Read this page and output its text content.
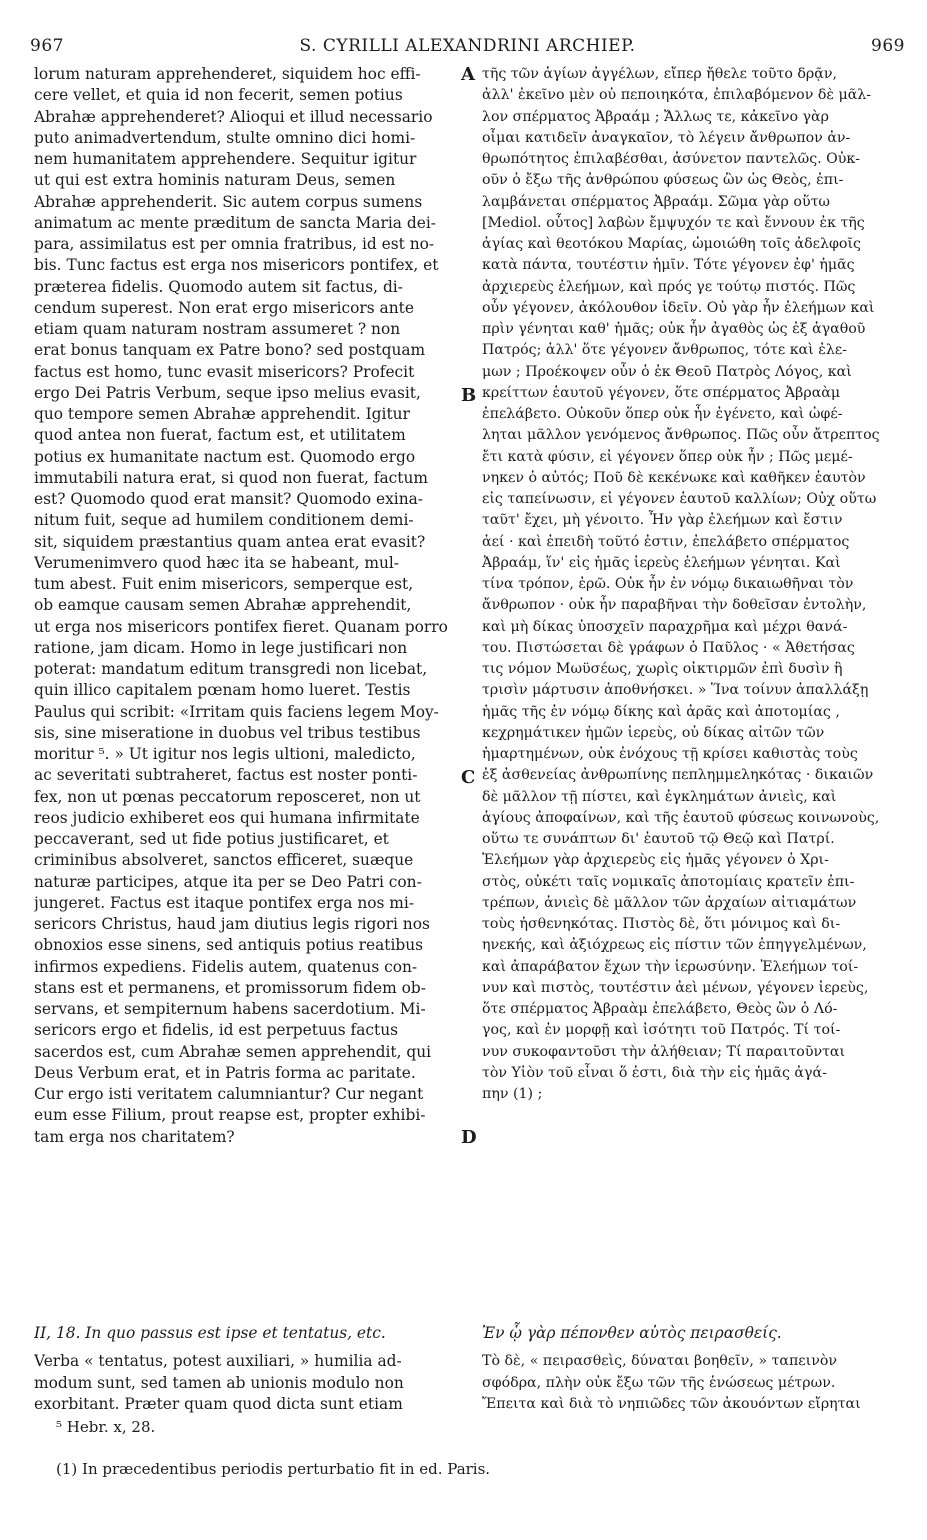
967	S. CYRILLI ALEXANDRINI ARCHIEP.	969
lorum naturam apprehenderet, siquidem hoc effi-
cere vellet, et quia id non fecerit, semen potius
Abrahæ apprehenderet? Alioqui et illud necessario
puto animadvertendum, stulte omnino dici homi-
nem humanitatem apprehendere. Sequitur igitur
ut qui est extra hominis naturam Deus, semen
Abrahæ apprehenderit. Sic autem corpus sumens
animatum ac mente præditum de sancta Maria dei-
para, assimilatus est per omnia fratribus, id est no-
bis. Tunc factus est erga nos misericors pontifex, et
præterea fidelis. Quomodo autem sit factus, di-
cendum superest. Non erat ergo misericors ante
etiam quam naturam nostram assumeret ? non
erat bonus tanquam ex Patre bono? sed postquam
factus est homo, tunc evasit misericors? Profecit
ergo Dei Patris Verbum, seque ipso melius evasit,
quo tempore semen Abrahæ apprehendit. Igitur
quod antea non fuerat, factum est, et utilitatem
potius ex humanitate nactum est. Quomodo ergo
immutabili natura erat, si quod non fuerat, factum
est? Quomodo quod erat mansit? Quomodo exina-
nitum fuit, seque ad humilem conditionem demi-
sit, siquidem præstantius quam antea erat evasit?
Verumenimvero quod hæc ita se habeant, mul-
tum abest. Fuit enim misericors, semperque est,
ob eamque causam semen Abrahæ apprehendit,
ut erga nos misericors pontifex fieret. Quanam porro
ratione, jam dicam. Homo in lege justificari non
poterat: mandatum editum transgredi non licebat,
quin illico capitalem pœnam homo lueret. Testis
Paulus qui scribit: «Irritam quis faciens legem Moy-
sis, sine miseratione in duobus vel tribus testibus
moritur ⁵. » Ut igitur nos legis ultioni, maledicto,
ac severitati subtraheret, factus est noster ponti-
fex, non ut pœnas peccatorum reposceret, non ut
reos judicio exhiberet eos qui humana infirmitate
peccaverant, sed ut fide potius justificaret, et
criminibus absolveret, sanctos efficeret, suæque
naturæ participes, atque ita per se Deo Patri con-
jungeret. Factus est itaque pontifex erga nos mi-
sericors Christus, haud jam diutius legis rigori nos
obnoxios esse sinens, sed antiquis potius reatibus
infirmos expediens. Fidelis autem, quatenus con-
stans est et permanens, et promissorum fidem ob-
servans, et sempiternum habens sacerdotium. Mi-
sericors ergo et fidelis, id est perpetuus factus
sacerdos est, cum Abrahæ semen apprehendit, qui
Deus Verbum erat, et in Patris forma ac paritate.
Cur ergo isti veritatem calumniantur? Cur negant
eum esse Filium, prout reapse est, propter exhibi-
tam erga nos charitatem?
τῆς τῶν ἁγίων ἀγγέλων, εἴπερ ἤθελε τοῦτο δρᾷν,
ἀλλ' ἐκεῖνο μὲν οὐ πεποιηκότα, ἐπιλαβόμενον δὲ μᾶλ-
λον σπέρματος Ἀβραάμ ; Ἄλλως τε, κἀκεῖνο γὰρ
οἶμαι κατιδεῖν ἀναγκαῖον, τὸ λέγειν ἄνθρωπον ἀν-
θρωπότητος ἐπιλαβέσθαι, ἀσύνετον παντελῶς. Οὐκ-
οῦν ὁ ἔξω τῆς ἀνθρώπου φύσεως ὢν ὡς Θεὸς, ἐπι-
λαμβάνεται σπέρματος Ἀβραάμ. Σῶμα γὰρ οὕτω
[Mediol. οὗτος] λαβὼν ἔμψυχόν τε καὶ ἔννουν ἐκ τῆς
ἁγίας καὶ θεοτόκου Μαρίας, ὡμοιώθη τοῖς ἀδελφοῖς
κατὰ πάντα, τουτέστιν ἡμῖν. Τότε γέγονεν ἐφ' ἡμᾶς
ἀρχιερεὺς ἐλεήμων, καὶ πρός γε τούτῳ πιστός. Πῶς
οὖν γέγονεν, ἀκόλουθον ἰδεῖν. Οὐ γὰρ ἦν ἐλεήμων καὶ
πρὶν γένηται καθ' ἡμᾶς; οὐκ ἦν ἀγαθὸς ὡς ἐξ ἀγαθοῦ
Πατρός; ἀλλ' ὅτε γέγονεν ἄνθρωπος, τότε καὶ ἐλε-
μων ; Προέκοψεν οὖν ὁ ἐκ Θεοῦ Πατρὸς Λόγος, καὶ
κρείττων ἑαυτοῦ γέγονεν, ὅτε σπέρματος Ἀβραὰμ
ἐπελάβετο. Οὐκοῦν ὅπερ οὐκ ἦν ἐγένετο, καὶ ὠφέ-
ληται μᾶλλον γενόμενος ἄνθρωπος. Πῶς οὖν ἄτρεπτος
ἔτι κατὰ φύσιν, εἰ γέγονεν ὅπερ οὐκ ἦν ; Πῶς μεμέ-
νηκεν ὁ αὐτός; Ποῦ δὲ κεκένωκε καὶ καθῆκεν ἑαυτὸν
εἰς ταπείνωσιν, εἰ γέγονεν ἑαυτοῦ καλλίων; Οὐχ οὕτω
ταῦτ' ἔχει, μὴ γένοιτο. Ἦν γὰρ ἐλεήμων καὶ ἔστιν
ἀεί · καὶ ἐπειδὴ τοῦτό ἐστιν, ἐπελάβετο σπέρματος
Ἀβραάμ, ἵν' εἰς ἡμᾶς ἱερεὺς ἐλεήμων γένηται. Καὶ
τίνα τρόπον, ἐρῶ. Οὐκ ἦν ἐν νόμῳ δικαιωθῆναι τὸν
ἄνθρωπον · οὐκ ἦν παραβῆναι τὴν δοθεῖσαν ἐντολὴν,
καὶ μὴ δίκας ὑποσχεῖν παραχρῆμα καὶ μέχρι θανά-
του. Πιστώσεται δὲ γράφων ὁ Παῦλος · « Ἀθετήσας
τις νόμον Μωϋσέως, χωρὶς οἰκτιρμῶν ἐπὶ δυσὶν ἢ
τρισὶν μάρτυσιν ἀποθνήσκει. » Ἵνα τοίνυν ἀπαλλάξῃ
ἡμᾶς τῆς ἐν νόμῳ δίκης καὶ ἀρᾶς καὶ ἀποτομίας ,
κεχρημάτικεν ἡμῶν ἱερεὺς, οὐ δίκας αἰτῶν τῶν
ἡμαρτημένων, οὐκ ἐνόχους τῇ κρίσει καθιστὰς τοὺς
ἐξ ἀσθενείας ἀνθρωπίνης πεπλημμεληκότας · δικαιῶν
δὲ μᾶλλον τῇ πίστει, καὶ ἐγκλημάτων ἀνιεὶς, καὶ
ἁγίους ἀποφαίνων, καὶ τῆς ἑαυτοῦ φύσεως κοινωνοὺς,
οὕτω τε συνάπτων δι' ἑαυτοῦ τῷ Θεῷ καὶ Πατρί.
Ἐλεήμων γὰρ ἀρχιερεὺς εἰς ἡμᾶς γέγονεν ὁ Χρι-
στὸς, οὐκέτι ταῖς νομικαῖς ἀποτομίαις κρατεῖν ἐπι-
τρέπων, ἀνιεὶς δὲ μᾶλλον τῶν ἀρχαίων αἰτιαμάτων
τοὺς ἠσθενηκότας. Πιστὸς δὲ, ὅτι μόνιμος καὶ δι-
ηνεκής, καὶ ἀξιόχρεως εἰς πίστιν τῶν ἐπηγγελμένων,
καὶ ἀπαράβατον ἔχων τὴν ἱερωσύνην. Ἐλεήμων τοί-
νυν καὶ πιστὸς, τουτέστιν ἀεὶ μένων, γέγονεν ἱερεὺς,
ὅτε σπέρματος Ἀβραὰμ ἐπελάβετο, Θεὸς ὢν ὁ Λό-
γος, καὶ ἐν μορφῇ καὶ ἰσότητι τοῦ Πατρός. Τί τοί-
νυν συκοφαντοῦσι τὴν ἀλήθειαν; Τί παραιτοῦνται
τὸν Υἱὸν τοῦ εἶναι ὅ ἐστι, διὰ τὴν εἰς ἡμᾶς ἀγά-
πην (1) ;
A
B
C
D
II, 18. In quo passus est ipse et tentatus, etc.
Verba « tentatus, potest auxiliari, » humilia ad-
modum sunt, sed tamen ab unionis modulo non
exorbitant. Præter quam quod dicta sunt etiam
Ἐν ᾧ γὰρ πέπονθεν αὐτὸς πειρασθείς.
Τὸ δὲ, « πειρασθεὶς, δύναται βοηθεῖν, » ταπεινὸν
σφόδρα, πλὴν οὐκ ἔξω τῶν τῆς ἑνώσεως μέτρων.
Ἔπειτα καὶ διὰ τὸ νηπιῶδες τῶν ἀκουόντων εἴρηται
⁵ Hebr. x, 28.
(1) In præcedentibus periodis perturbatio fit in ed. Paris.
